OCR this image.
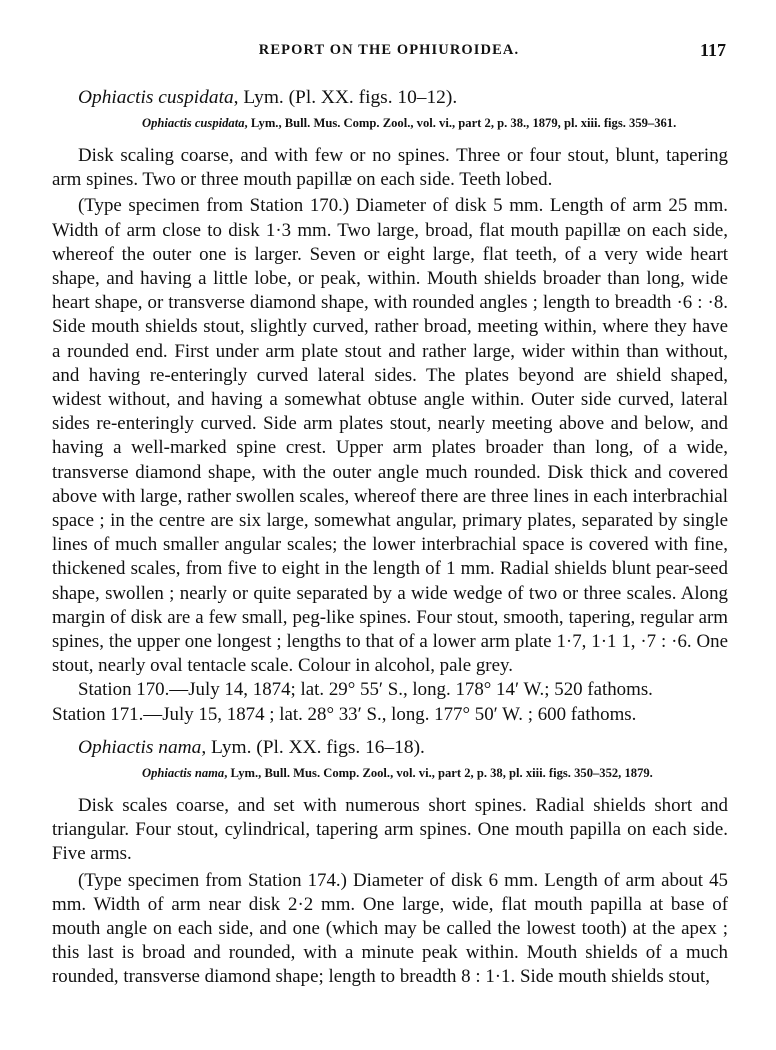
REPORT ON THE OPHIUROIDEA.	117
Ophiactis cuspidata, Lym. (Pl. XX. figs. 10–12).

Ophiactis cuspidata, Lym., Bull. Mus. Comp. Zool., vol. vi., part 2, p. 38., 1879, pl. xiii. figs. 359–361.

Disk scaling coarse, and with few or no spines. Three or four stout, blunt, tapering arm spines. Two or three mouth papillæ on each side. Teeth lobed.

(Type specimen from Station 170.) Diameter of disk 5 mm. Length of arm 25 mm. Width of arm close to disk 1·3 mm. Two large, broad, flat mouth papillæ on each side, whereof the outer one is larger. Seven or eight large, flat teeth, of a very wide heart shape, and having a little lobe, or peak, within. Mouth shields broader than long, wide heart shape, or transverse diamond shape, with rounded angles ; length to breadth ·6 : ·8. Side mouth shields stout, slightly curved, rather broad, meeting within, where they have a rounded end. First under arm plate stout and rather large, wider within than without, and having re-enteringly curved lateral sides. The plates beyond are shield shaped, widest without, and having a somewhat obtuse angle within. Outer side curved, lateral sides re-enteringly curved. Side arm plates stout, nearly meeting above and below, and having a well-marked spine crest. Upper arm plates broader than long, of a wide, transverse diamond shape, with the outer angle much rounded. Disk thick and covered above with large, rather swollen scales, whereof there are three lines in each interbrachial space ; in the centre are six large, somewhat angular, primary plates, separated by single lines of much smaller angular scales; the lower interbrachial space is covered with fine, thickened scales, from five to eight in the length of 1 mm. Radial shields blunt pear-seed shape, swollen ; nearly or quite separated by a wide wedge of two or three scales. Along margin of disk are a few small, peg-like spines. Four stout, smooth, tapering, regular arm spines, the upper one longest ; lengths to that of a lower arm plate 1·7, 1·1 1, ·7 : ·6. One stout, nearly oval tentacle scale. Colour in alcohol, pale grey.

Station 170.—July 14, 1874; lat. 29° 55′ S., long. 178° 14′ W.; 520 fathoms.

Station 171.—July 15, 1874 ; lat. 28° 33′ S., long. 177° 50′ W. ; 600 fathoms.

Ophiactis nama, Lym. (Pl. XX. figs. 16–18).

Ophiactis nama, Lym., Bull. Mus. Comp. Zool., vol. vi., part 2, p. 38, pl. xiii. figs. 350–352, 1879.

Disk scales coarse, and set with numerous short spines. Radial shields short and triangular. Four stout, cylindrical, tapering arm spines. One mouth papilla on each side. Five arms.

(Type specimen from Station 174.) Diameter of disk 6 mm. Length of arm about 45 mm. Width of arm near disk 2·2 mm. One large, wide, flat mouth papilla at base of mouth angle on each side, and one (which may be called the lowest tooth) at the apex ; this last is broad and rounded, with a minute peak within. Mouth shields of a much rounded, transverse diamond shape; length to breadth 8 : 1·1. Side mouth shields stout,
